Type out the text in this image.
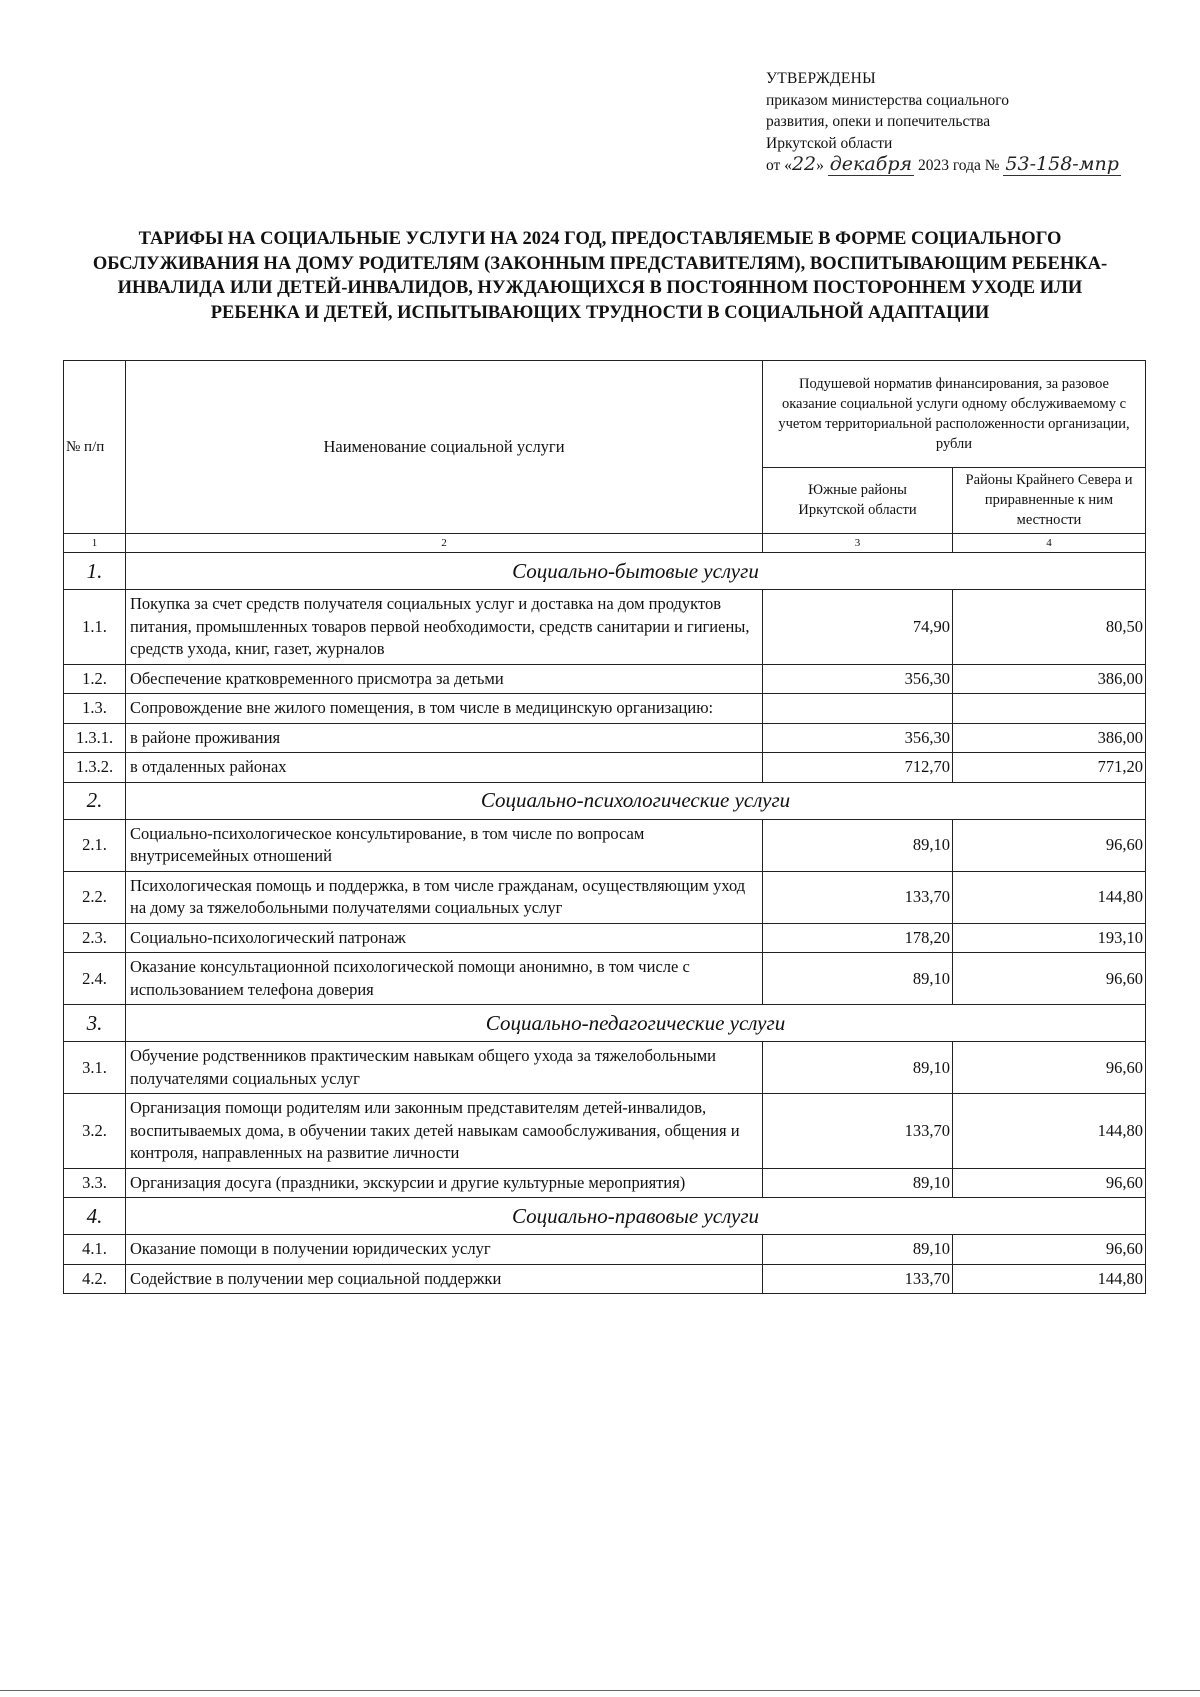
УТВЕРЖДЕНЫ
приказом министерства социального
развития, опеки и попечительства
Иркутской области
от «22» декабря 2023 года № 53-158-мпр
ТАРИФЫ НА СОЦИАЛЬНЫЕ УСЛУГИ НА 2024 ГОД, ПРЕДОСТАВЛЯЕМЫЕ В ФОРМЕ СОЦИАЛЬНОГО
ОБСЛУЖИВАНИЯ НА ДОМУ РОДИТЕЛЯМ (ЗАКОННЫМ ПРЕДСТАВИТЕЛЯМ), ВОСПИТЫВАЮЩИМ РЕБЕНКА-
ИНВАЛИДА ИЛИ ДЕТЕЙ-ИНВАЛИДОВ, НУЖДАЮЩИХСЯ В ПОСТОЯННОМ ПОСТОРОННЕМ УХОДЕ ИЛИ
РЕБЕНКА И ДЕТЕЙ, ИСПЫТЫВАЮЩИХ ТРУДНОСТИ В СОЦИАЛЬНОЙ АДАПТАЦИИ
№ п/п	Наименование социальной услуги	Подушевой норматив финансирования, за разовое оказание социальной услуги одному обслуживаемому с учетом территориальной расположенности организации, рубли	
		Южные районы Иркутской области	Районы Крайнего Севера и приравненные к ним местности
1	2	3	4
1.	Социально-бытовые услуги		
1.1.	Покупка за счет средств получателя социальных услуг и доставка на дом продуктов питания, промышленных товаров первой необходимости, средств санитарии и гигиены, средств ухода, книг, газет, журналов	74,90	80,50
1.2.	Обеспечение кратковременного присмотра за детьми	356,30	386,00
1.3.	Сопровождение вне жилого помещения, в том числе в медицинскую организацию:		
1.3.1.	в районе проживания	356,30	386,00
1.3.2.	в отдаленных районах	712,70	771,20
2.	Социально-психологические услуги		
2.1.	Социально-психологическое консультирование, в том числе по вопросам внутрисемейных отношений	89,10	96,60
2.2.	Психологическая помощь и поддержка, в том числе гражданам, осуществляющим уход на дому за тяжелобольными получателями социальных услуг	133,70	144,80
2.3.	Социально-психологический патронаж	178,20	193,10
2.4.	Оказание консультационной психологической помощи анонимно, в том числе с использованием телефона доверия	89,10	96,60
3.	Социально-педагогические услуги		
3.1.	Обучение родственников практическим навыкам общего ухода за тяжелобольными получателями социальных услуг	89,10	96,60
3.2.	Организация помощи родителям или законным представителям детей-инвалидов, воспитываемых дома, в обучении таких детей навыкам самообслуживания, общения и контроля, направленных на развитие личности	133,70	144,80
3.3.	Организация досуга (праздники, экскурсии и другие культурные мероприятия)	89,10	96,60
4.	Социально-правовые услуги		
4.1.	Оказание помощи в получении юридических услуг	89,10	96,60
4.2.	Содействие в получении мер социальной поддержки	133,70	144,80
